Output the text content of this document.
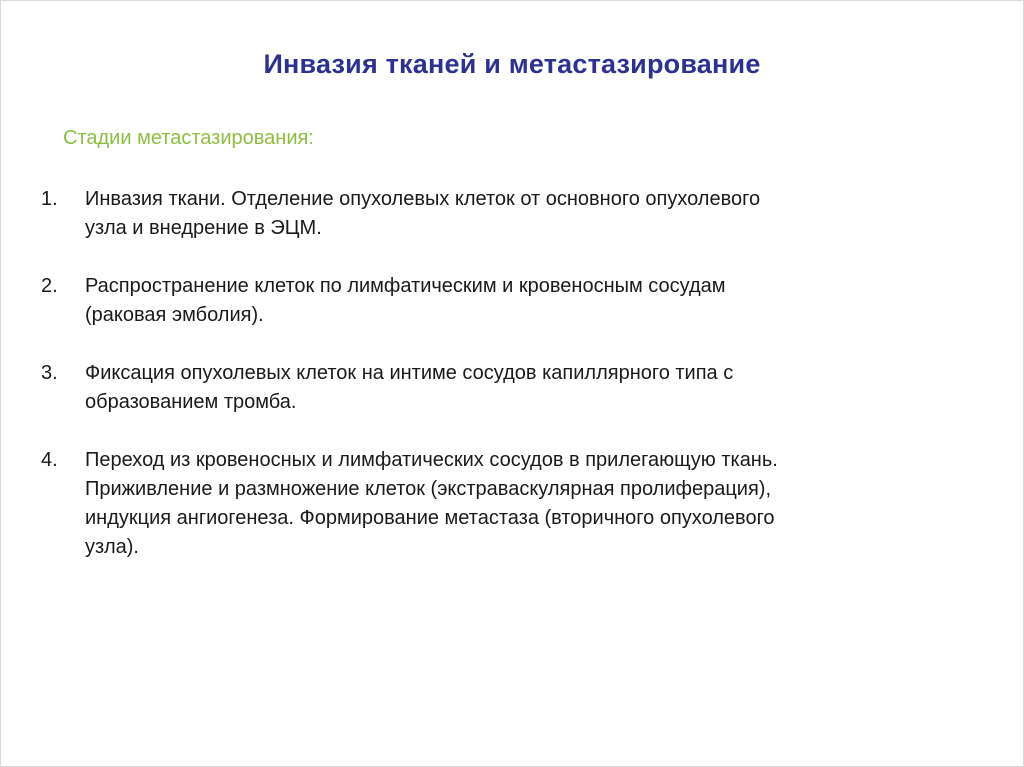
Инвазия тканей и метастазирование
Стадии метастазирования:
1.	Инвазия ткани. Отделение опухолевых клеток от основного опухолевого
узла и внедрение в ЭЦМ.
2.	Распространение клеток по лимфатическим и кровеносным сосудам
(раковая эмболия).
3.	Фиксация опухолевых клеток на интиме сосудов капиллярного типа с
образованием тромба.
4.	Переход из кровеносных и лимфатических сосудов в прилегающую ткань.
Приживление и размножение клеток (экстраваскулярная пролиферация),
индукция ангиогенеза. Формирование метастаза (вторичного опухолевого
узла).
